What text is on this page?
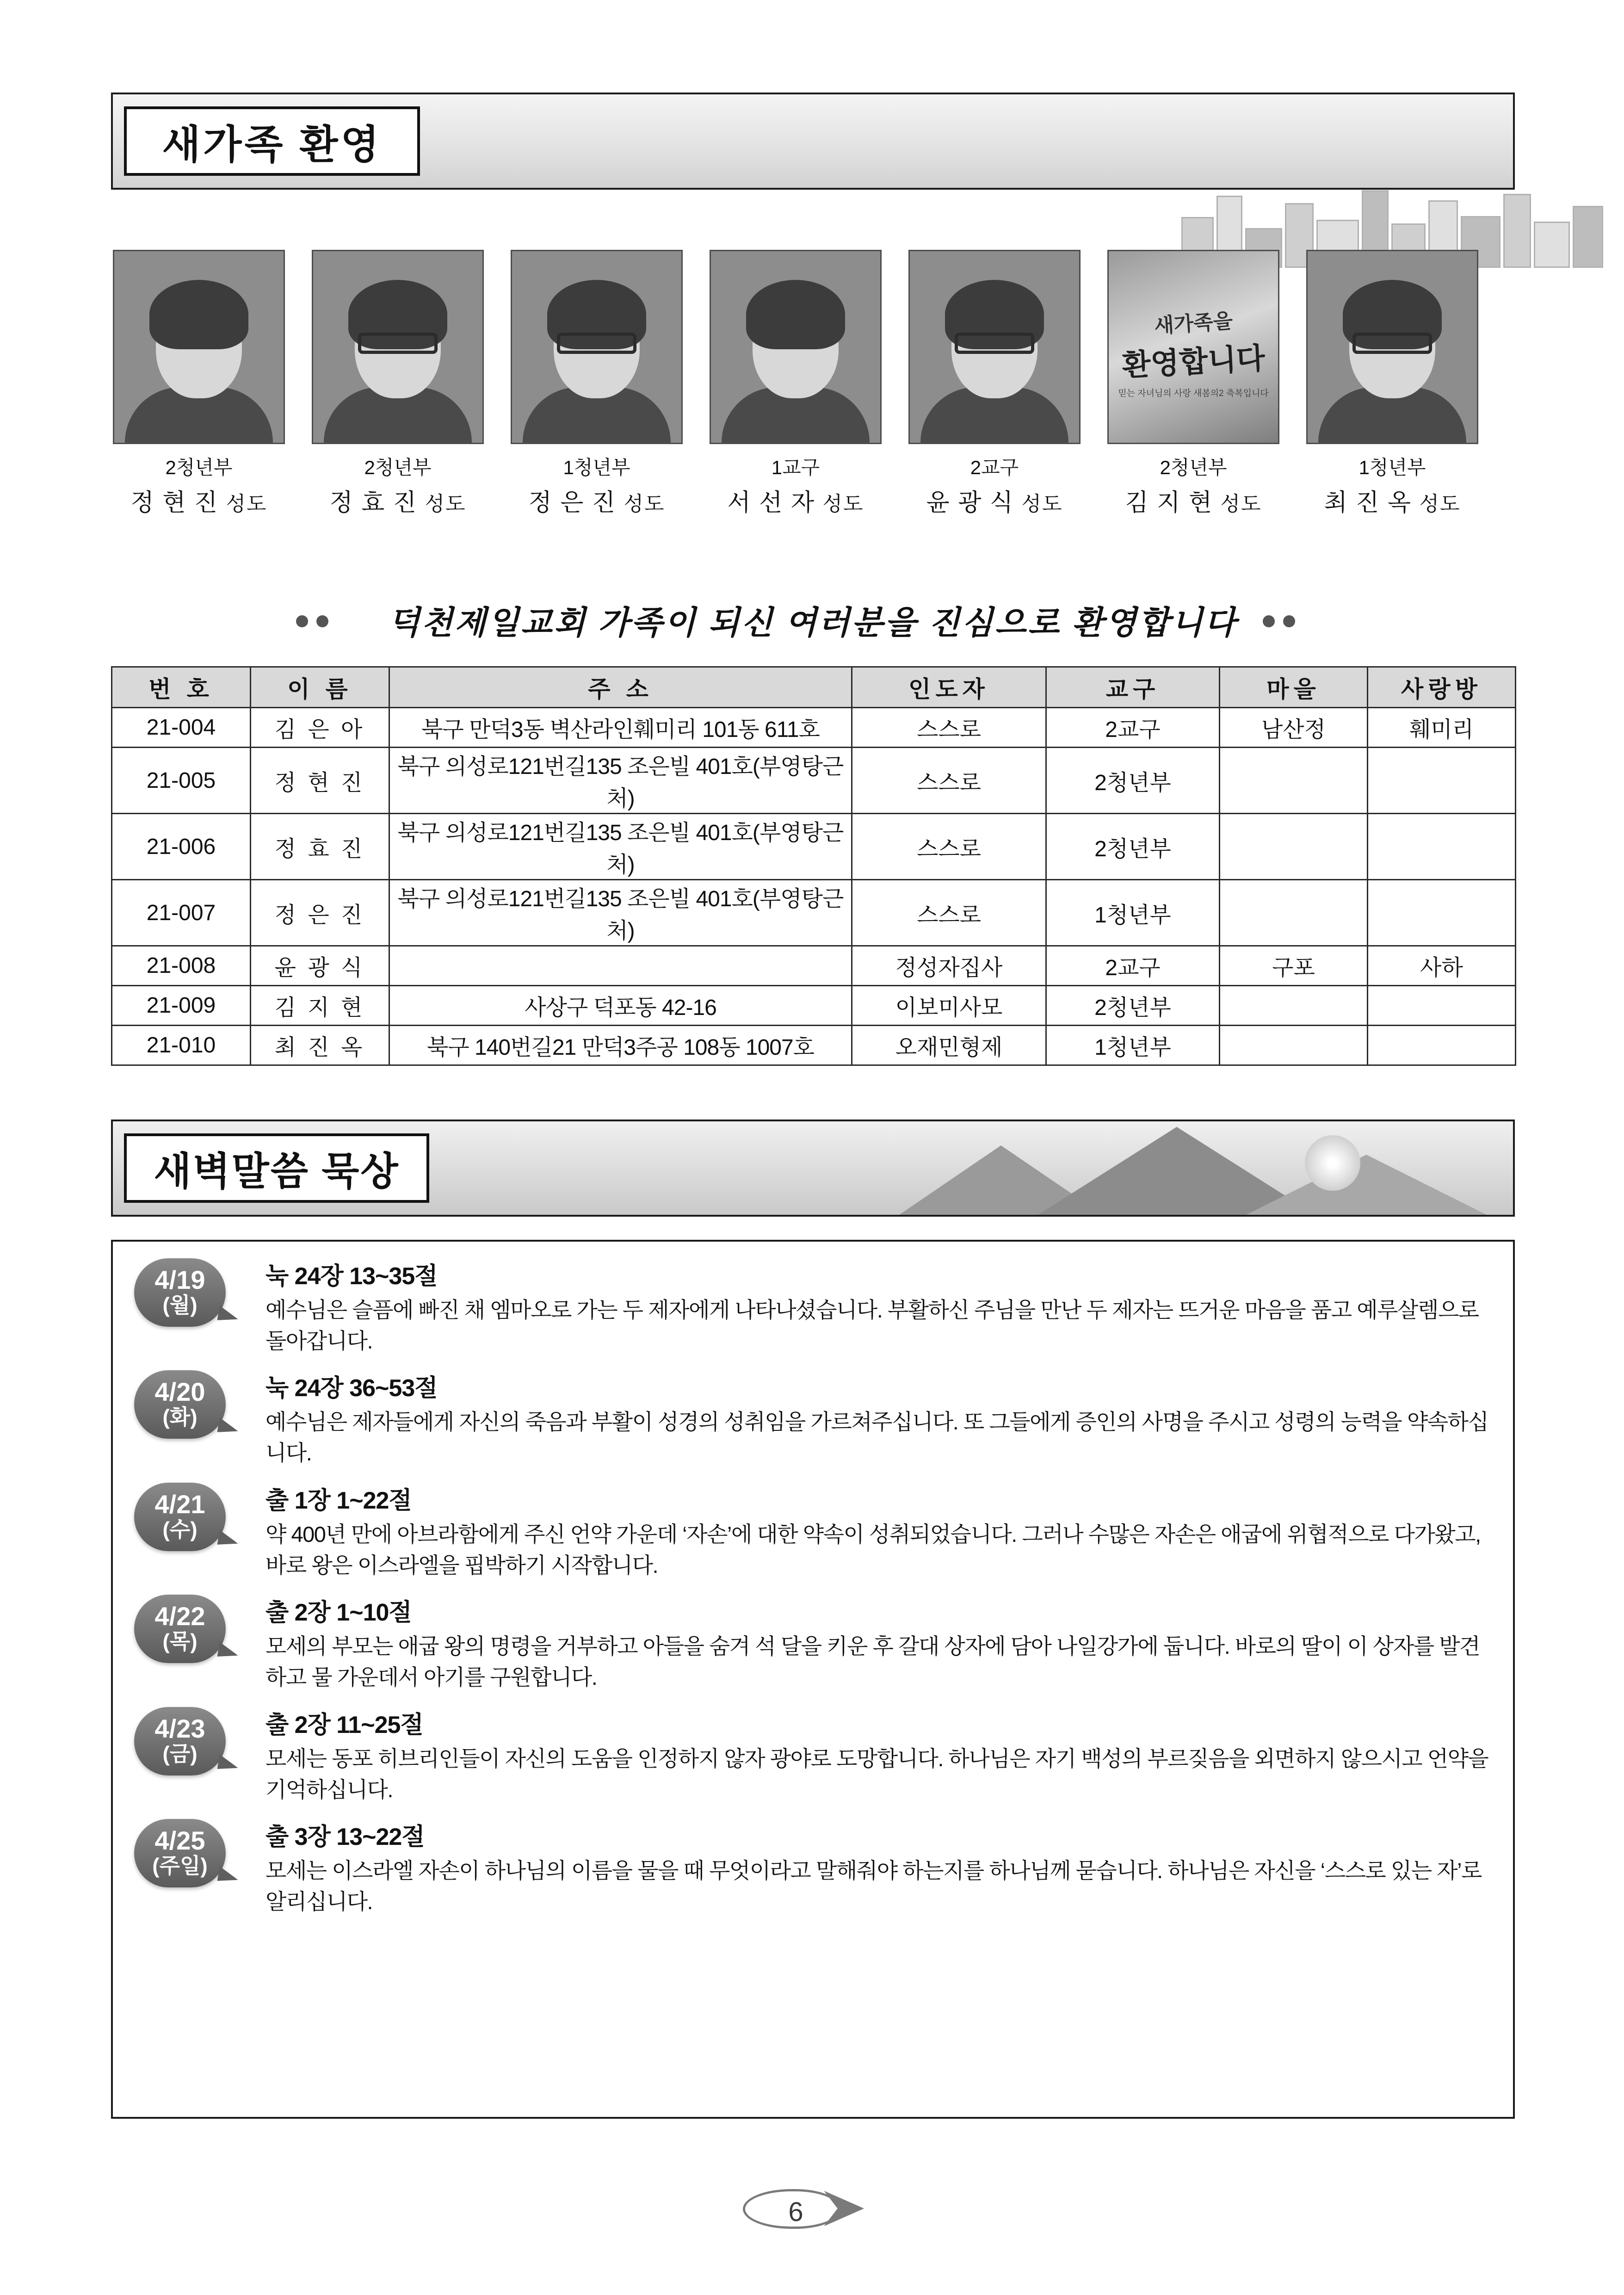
새가족 환영
2청년부
정 현 진 성도
2청년부
정 효 진 성도
1청년부
정 은 진 성도
1교구
서 선 자 성도
2교구
윤 광 식 성도
새가족을
환영합니다
믿는 자녀님의 사랑 새봄의2 축복입니다
2청년부
김 지 현 성도
1청년부
최 진 옥 성도
덕천제일교회 가족이 되신 여러분을 진심으로 환영합니다
번 호	이 름	주 소	인도자	교구	마을	사랑방
21-004	김 은 아	북구 만덕3동 벽산라인훼미리 101동 611호	스스로	2교구	남산정	훼미리
21-005	정 현 진	북구 의성로121번길135 조은빌 401호(부영탕근처)	스스로	2청년부		
21-006	정 효 진	북구 의성로121번길135 조은빌 401호(부영탕근처)	스스로	2청년부		
21-007	정 은 진	북구 의성로121번길135 조은빌 401호(부영탕근처)	스스로	1청년부		
21-008	윤 광 식		정성자집사	2교구	구포	사하
21-009	김 지 현	사상구 덕포동 42-16	이보미사모	2청년부		
21-010	최 진 옥	북구 140번길21 만덕3주공 108동 1007호	오재민형제	1청년부		
새벽말씀 묵상
4/19
(월)
눅 24장 13~35절
예수님은 슬픔에 빠진 채 엠마오로 가는 두 제자에게 나타나셨습니다. 부활하신 주님을 만난 두 제자는 뜨거운 마음을 품고 예루살렘으로 돌아갑니다.
4/20
(화)
눅 24장 36~53절
예수님은 제자들에게 자신의 죽음과 부활이 성경의 성취임을 가르쳐주십니다. 또 그들에게 증인의 사명을 주시고 성령의 능력을 약속하십니다.
4/21
(수)
출 1장 1~22절
약 400년 만에 아브라함에게 주신 언약 가운데 ‘자손’에 대한 약속이 성취되었습니다. 그러나 수많은 자손은 애굽에 위협적으로 다가왔고, 바로 왕은 이스라엘을 핍박하기 시작합니다.
4/22
(목)
출 2장 1~10절
모세의 부모는 애굽 왕의 명령을 거부하고 아들을 숨겨 석 달을 키운 후 갈대 상자에 담아 나일강가에 둡니다. 바로의 딸이 이 상자를 발견하고 물 가운데서 아기를 구원합니다.
4/23
(금)
출 2장 11~25절
모세는 동포 히브리인들이 자신의 도움을 인정하지 않자 광야로 도망합니다. 하나님은 자기 백성의 부르짖음을 외면하지 않으시고 언약을 기억하십니다.
4/25
(주일)
출 3장 13~22절
모세는 이스라엘 자손이 하나님의 이름을 물을 때 무엇이라고 말해줘야 하는지를 하나님께 묻습니다. 하나님은 자신을 ‘스스로 있는 자’로 알리십니다.
6
